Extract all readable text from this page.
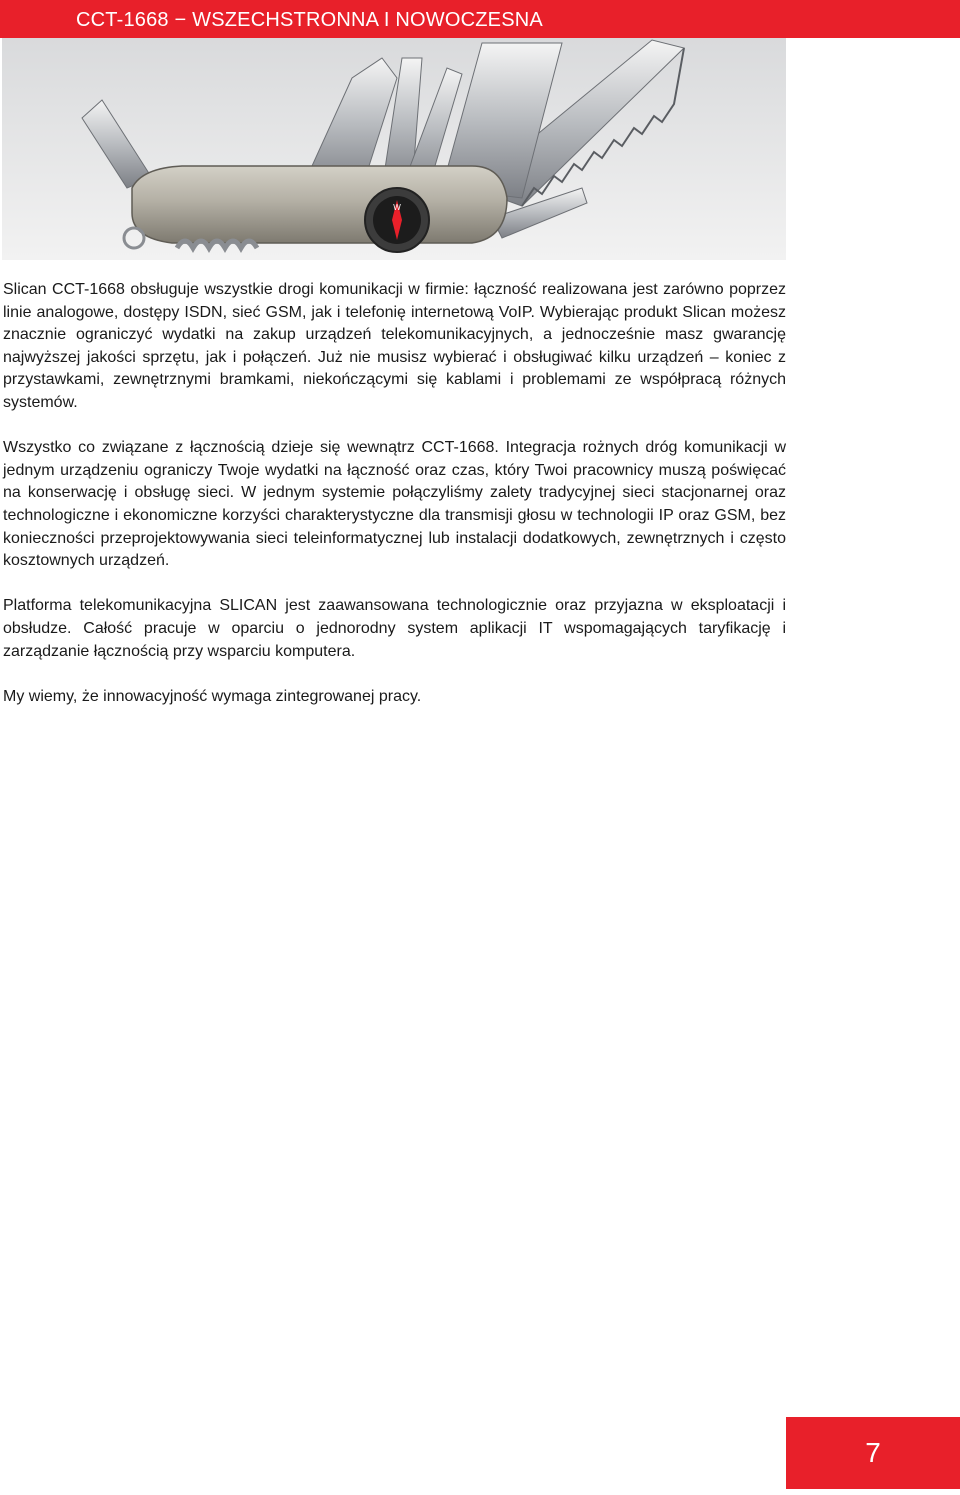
CCT-1668 − WSZECHSTRONNA I NOWOCZESNA
W

Slican CCT-1668 obsługuje wszystkie drogi komunikacji w firmie: łączność realizowana jest zarówno poprzez linie analogowe, dostępy ISDN, sieć GSM, jak i telefonię internetową VoIP. Wybierając produkt Slican możesz znacznie ograniczyć wydatki na zakup urządzeń telekomunikacyjnych, a jednocześnie masz gwarancję najwyższej jakości sprzętu, jak i połączeń. Już nie musisz wybierać i obsługiwać kilku urządzeń – koniec z przystawkami, zewnętrznymi bramkami, niekończącymi się kablami i problemami ze współpracą różnych systemów.

Wszystko co związane z łącznością dzieje się wewnątrz CCT-1668. Integracja rożnych dróg komunikacji w jednym urządzeniu ograniczy Twoje wydatki na łączność oraz czas, który Twoi pracownicy muszą poświęcać na konserwację i obsługę sieci. W jednym systemie połączyliśmy zalety tradycyjnej sieci stacjonarnej oraz technologiczne i ekonomiczne korzyści charakterystyczne dla transmisji głosu w technologii IP oraz GSM, bez konieczności przeprojektowywania sieci teleinformatycznej lub instalacji dodatkowych, zewnętrznych i często kosztownych urządzeń.

Platforma telekomunikacyjna SLICAN jest zaawansowana technologicznie oraz przyjazna w eksploatacji i obsłudze. Całość pracuje w oparciu o jednorodny system aplikacji IT wspomagających taryfikację i zarządzanie łącznością przy wsparciu komputera.

My wiemy, że innowacyjność wymaga zintegrowanej pracy.

7
